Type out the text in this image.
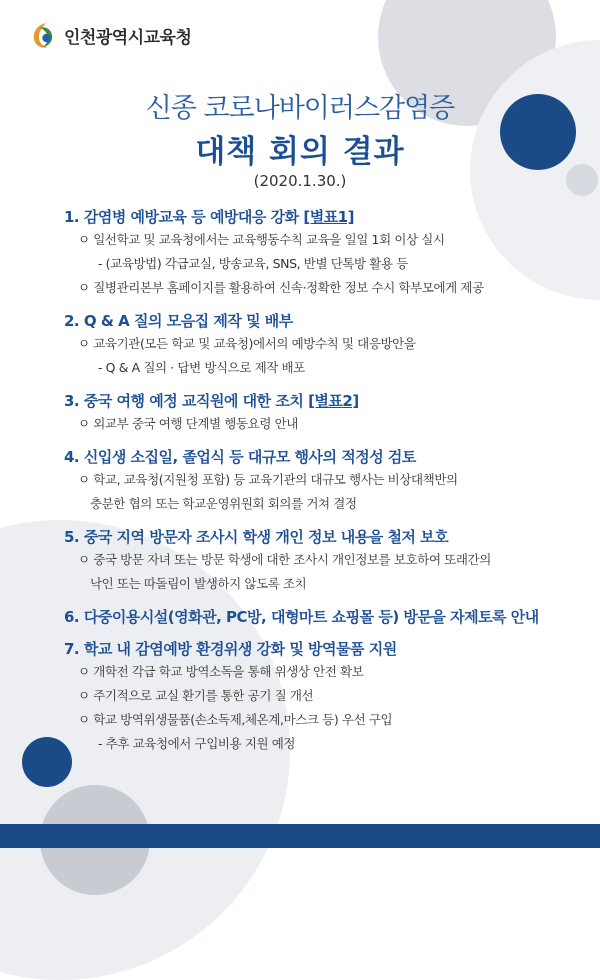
인천광역시교육청
신종 코로나바이러스감염증
대책 회의 결과
(2020.1.30.)
1. 감염병 예방교육 등 예방대응 강화 [별표1]
ㅇ 일선학교 및 교육청에서는 교육행동수칙 교육을 일일 1회 이상 실시
- (교육방법) 각급교실, 방송교육, SNS, 반별 단톡방 활용 등
ㅇ 질병관리본부 홈페이지를 활용하여 신속·정확한 정보 수시 학부모에게 제공
2. Q & A 질의 모음집 제작 및 배부
ㅇ 교육기관(모든 학교 및 교육청)에서의 예방수칙 및 대응방안을
- Q & A 질의 · 답변 방식으로 제작 배포
3. 중국 여행 예정 교직원에 대한 조치 [별표2]
ㅇ 외교부 중국 여행 단계별 행동요령 안내
4. 신입생 소집일, 졸업식 등 대규모 행사의 적정성 검토
ㅇ 학교, 교육청(지원청 포함) 등 교육기관의 대규모 행사는 비상대책반의
충분한 협의 또는 학교운영위원회 회의를 거쳐 결정
5. 중국 지역 방문자 조사시 학생 개인 정보 내용을 철저 보호
ㅇ 중국 방문 자녀 또는 방문 학생에 대한 조사시 개인정보를 보호하여 또래간의
낙인 또는 따돌림이 발생하지 않도록 조치
6. 다중이용시설(영화관, PC방, 대형마트 쇼핑몰 등) 방문을 자제토록 안내
7. 학교 내 감염예방 환경위생 강화 및 방역물품 지원
ㅇ 개학전 각급 학교 방역소독을 통해 위생상 안전 확보
ㅇ 주기적으로 교실 환기를 통한 공기 질 개선
ㅇ 학교 방역위생물품(손소독제,체온계,마스크 등) 우선 구입
- 추후 교육청에서 구입비용 지원 예정
